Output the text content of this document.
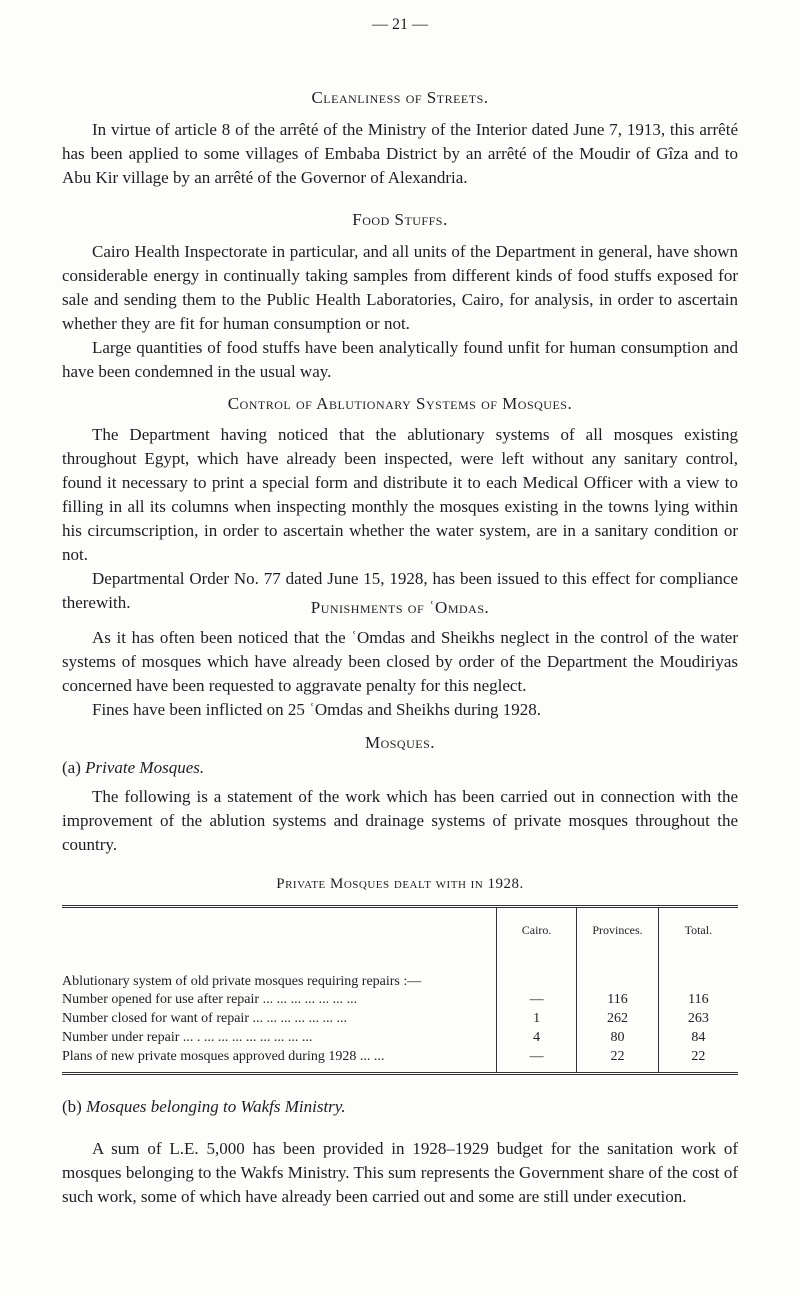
— 21 —
Cleanliness of Streets.

In virtue of article 8 of the arrêté of the Ministry of the Interior dated June 7, 1913, this arrêté has been applied to some villages of Embaba District by an arrêté of the Moudir of Gîza and to Abu Kir village by an arrêté of the Governor of Alexandria.

Food Stuffs.

Cairo Health Inspectorate in particular, and all units of the Department in general, have shown considerable energy in continually taking samples from different kinds of food stuffs exposed for sale and sending them to the Public Health Laboratories, Cairo, for analysis, in order to ascertain whether they are fit for human consumption or not.

Large quantities of food stuffs have been analytically found unfit for human consumption and have been condemned in the usual way.

Control of Ablutionary Systems of Mosques.

The Department having noticed that the ablutionary systems of all mosques existing throughout Egypt, which have already been inspected, were left without any sanitary control, found it necessary to print a special form and distribute it to each Medical Officer with a view to filling in all its columns when inspecting monthly the mosques existing in the towns lying within his circumscription, in order to ascertain whether the water system, are in a sanitary condition or not.

Departmental Order No. 77 dated June 15, 1928, has been issued to this effect for compliance therewith.	Punishments of ʿOmdas.

As it has often been noticed that the ʿOmdas and Sheikhs neglect in the control of the water systems of mosques which have already been closed by order of the Department the Moudiriyas concerned have been requested to aggravate penalty for this neglect.

Fines have been inflicted on 25 ʿOmdas and Sheikhs during 1928.

Mosques.
(a) Private Mosques.

The following is a statement of the work which has been carried out in connection with the improvement of the ablution systems and drainage systems of private mosques throughout the country.

Private Mosques dealt with in 1928.
	Cairo.	Provinces.	Total.
Ablutionary system of old private mosques requiring repairs :—			
Number opened for use after repair ... ... ... ... ... ... ...	—	116	116
Number closed for want of repair ... ... ... ... ... ... ...	1	262	263
Number under repair ... . ... ... ... ... ... ... ... ...	4	80	84
Plans of new private mosques approved during 1928 ... ...	—	22	22

(b) Mosques belonging to Wakfs Ministry.

A sum of L.E. 5,000 has been provided in 1928–1929 budget for the sanitation work of mosques belonging to the Wakfs Ministry. This sum represents the Government share of the cost of such work, some of which have already been carried out and some are still under execution.
